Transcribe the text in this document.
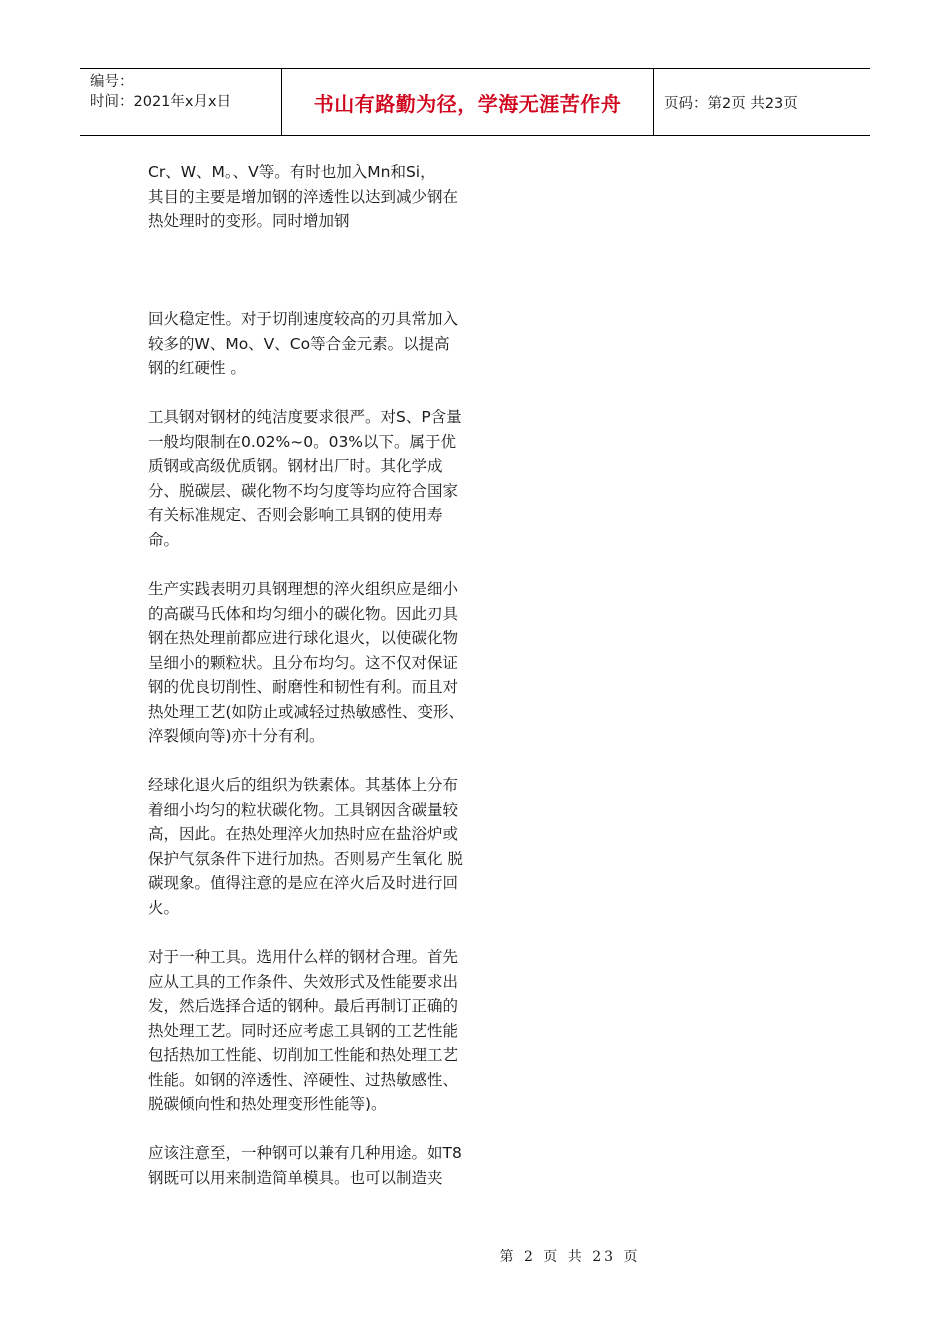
编号：
时间：2021年x月x日	书山有路勤为径，学海无涯苦作舟	页码：第2页 共23页

Cr、W、M。、V等。有时也加入Mn和Si，
其目的主要是增加钢的淬透性以达到减少钢在
热处理时的变形。同时增加钢

回火稳定性。对于切削速度较高的刃具常加入
较多的W、Mo、V、Co等合金元素。以提高
钢的红硬性 。

工具钢对钢材的纯洁度要求很严。对S、P含量
一般均限制在0.02%~0。03%以下。属于优
质钢或高级优质钢。钢材出厂时。其化学成
分、脱碳层、碳化物不均匀度等均应符合国家
有关标准规定、否则会影响工具钢的使用寿
命。

生产实践表明刃具钢理想的淬火组织应是细小
的高碳马氏体和均匀细小的碳化物。因此刃具
钢在热处理前都应进行球化退火，以使碳化物
呈细小的颗粒状。且分布均匀。这不仅对保证
钢的优良切削性、耐磨性和韧性有利。而且对
热处理工艺(如防止或减轻过热敏感性、变形、
淬裂倾向等)亦十分有利。

经球化退火后的组织为铁素体。其基体上分布
着细小均匀的粒状碳化物。工具钢因含碳量较
高，因此。在热处理淬火加热时应在盐浴炉或
保护气氛条件下进行加热。否则易产生氧化 脱
碳现象。值得注意的是应在淬火后及时进行回
火。

对于一种工具。选用什么样的钢材合理。首先
应从工具的工作条件、失效形式及性能要求出
发，然后选择合适的钢种。最后再制订正确的
热处理工艺。同时还应考虑工具钢的工艺性能
包括热加工性能、切削加工性能和热处理工艺
性能。如钢的淬透性、淬硬性、过热敏感性、
脱碳倾向性和热处理变形性能等)。

应该注意至，一种钢可以兼有几种用途。如T8
钢既可以用来制造简单模具。也可以制造夹

第 2 页 共 23 页
